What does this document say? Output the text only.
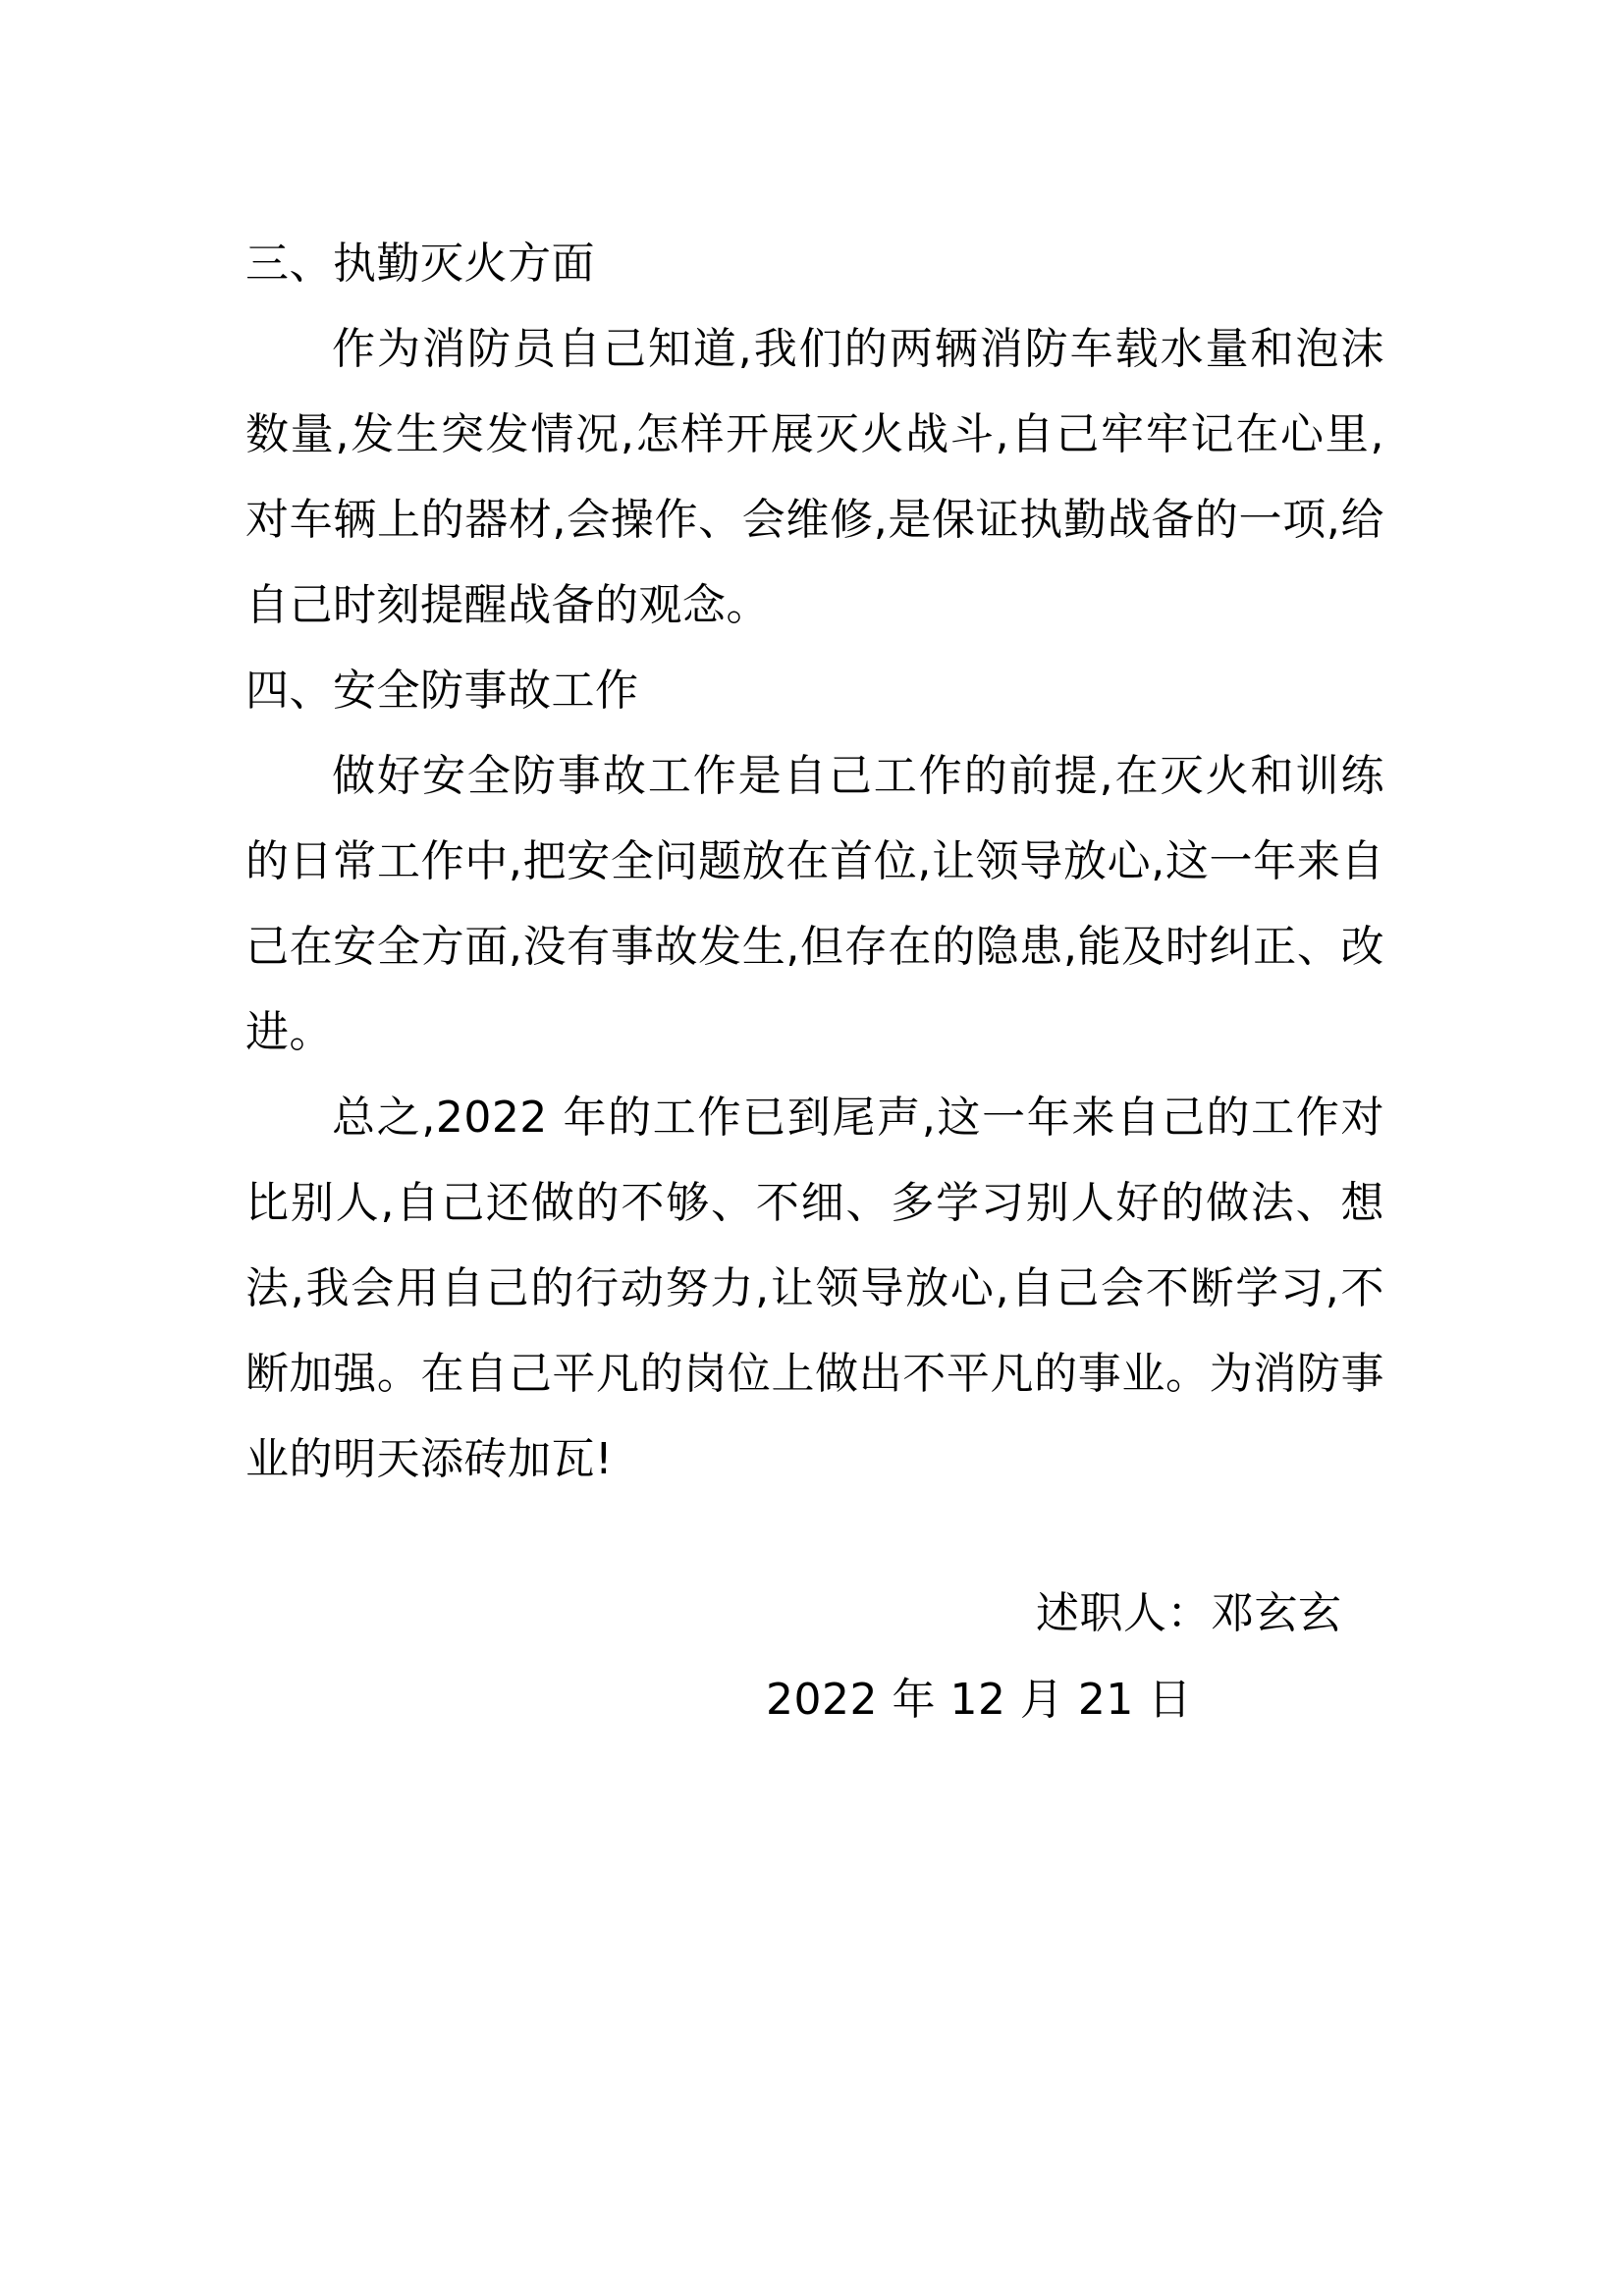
三、执勤灭火方面

作为消防员自己知道,我们的两辆消防车载水量和泡沫数量,发生突发情况,怎样开展灭火战斗,自己牢牢记在心里,对车辆上的器材,会操作、会维修,是保证执勤战备的一项,给自己时刻提醒战备的观念。

四、安全防事故工作

做好安全防事故工作是自己工作的前提,在灭火和训练的日常工作中,把安全问题放在首位,让领导放心,这一年来自己在安全方面,没有事故发生,但存在的隐患,能及时纠正、改进。

总之,2022 年的工作已到尾声,这一年来自己的工作对比别人,自己还做的不够、不细、多学习别人好的做法、想法,我会用自己的行动努力,让领导放心,自己会不断学习,不断加强。在自己平凡的岗位上做出不平凡的事业。为消防事业的明天添砖加瓦!

述职人：邓玄玄
2022 年 12 月 21 日
